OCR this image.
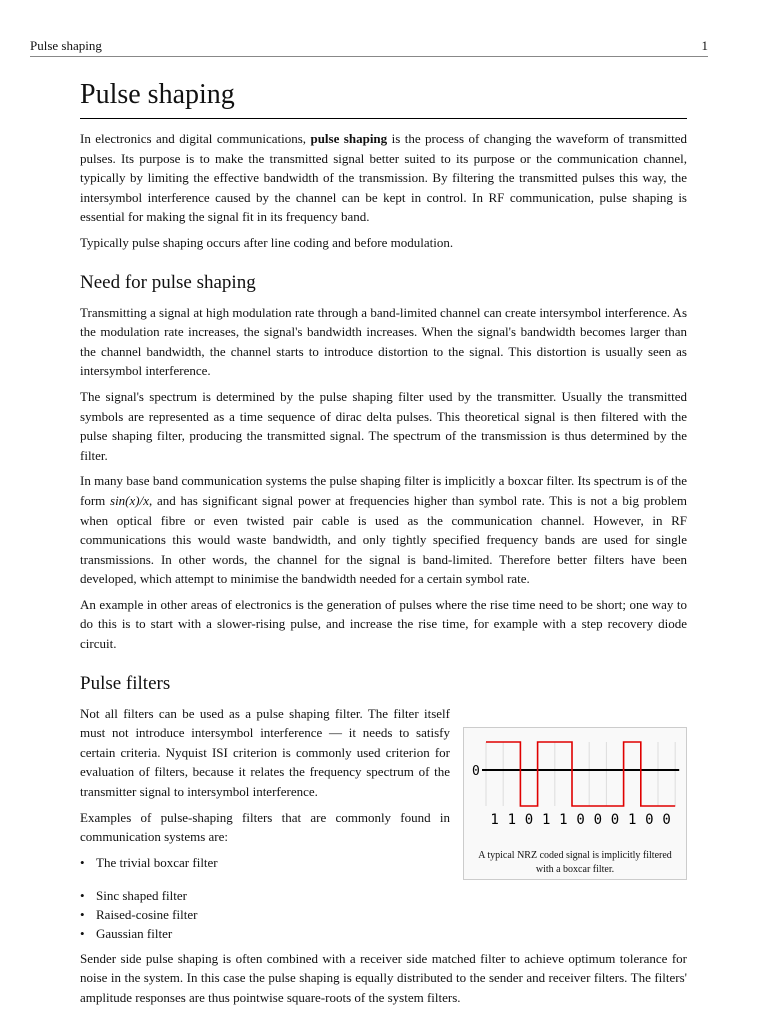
Pulse shaping	1
Pulse shaping

In electronics and digital communications, pulse shaping is the process of changing the waveform of transmitted pulses. Its purpose is to make the transmitted signal better suited to its purpose or the communication channel, typically by limiting the effective bandwidth of the transmission. By filtering the transmitted pulses this way, the intersymbol interference caused by the channel can be kept in control. In RF communication, pulse shaping is essential for making the signal fit in its frequency band.

Typically pulse shaping occurs after line coding and before modulation.

Need for pulse shaping

Transmitting a signal at high modulation rate through a band-limited channel can create intersymbol interference. As the modulation rate increases, the signal's bandwidth increases. When the signal's bandwidth becomes larger than the channel bandwidth, the channel starts to introduce distortion to the signal. This distortion is usually seen as intersymbol interference.

The signal's spectrum is determined by the pulse shaping filter used by the transmitter. Usually the transmitted symbols are represented as a time sequence of dirac delta pulses. This theoretical signal is then filtered with the pulse shaping filter, producing the transmitted signal. The spectrum of the transmission is thus determined by the filter.

In many base band communication systems the pulse shaping filter is implicitly a boxcar filter. Its spectrum is of the form sin(x)/x, and has significant signal power at frequencies higher than symbol rate. This is not a big problem when optical fibre or even twisted pair cable is used as the communication channel. However, in RF communications this would waste bandwidth, and only tightly specified frequency bands are used for single transmissions. In other words, the channel for the signal is band-limited. Therefore better filters have been developed, which attempt to minimise the bandwidth needed for a certain symbol rate.

An example in other areas of electronics is the generation of pulses where the rise time need to be short; one way to do this is to start with a slower-rising pulse, and increase the rise time, for example with a step recovery diode circuit.

Pulse filters
0
1 1 0 1 1 0 0 0 1 0 0
A typical NRZ coded signal is implicitly filtered with a boxcar filter.

Not all filters can be used as a pulse shaping filter. The filter itself must not introduce intersymbol interference — it needs to satisfy certain criteria. Nyquist ISI criterion is commonly used criterion for evaluation of filters, because it relates the frequency spectrum of the transmitter signal to intersymbol interference.

Examples of pulse-shaping filters that are commonly found in communication systems are:

• The trivial boxcar filter
• Sinc shaped filter
• Raised-cosine filter
• Gaussian filter

Sender side pulse shaping is often combined with a receiver side matched filter to achieve optimum tolerance for noise in the system. In this case the pulse shaping is equally distributed to the sender and receiver filters. The filters' amplitude responses are thus pointwise square-roots of the system filters.
